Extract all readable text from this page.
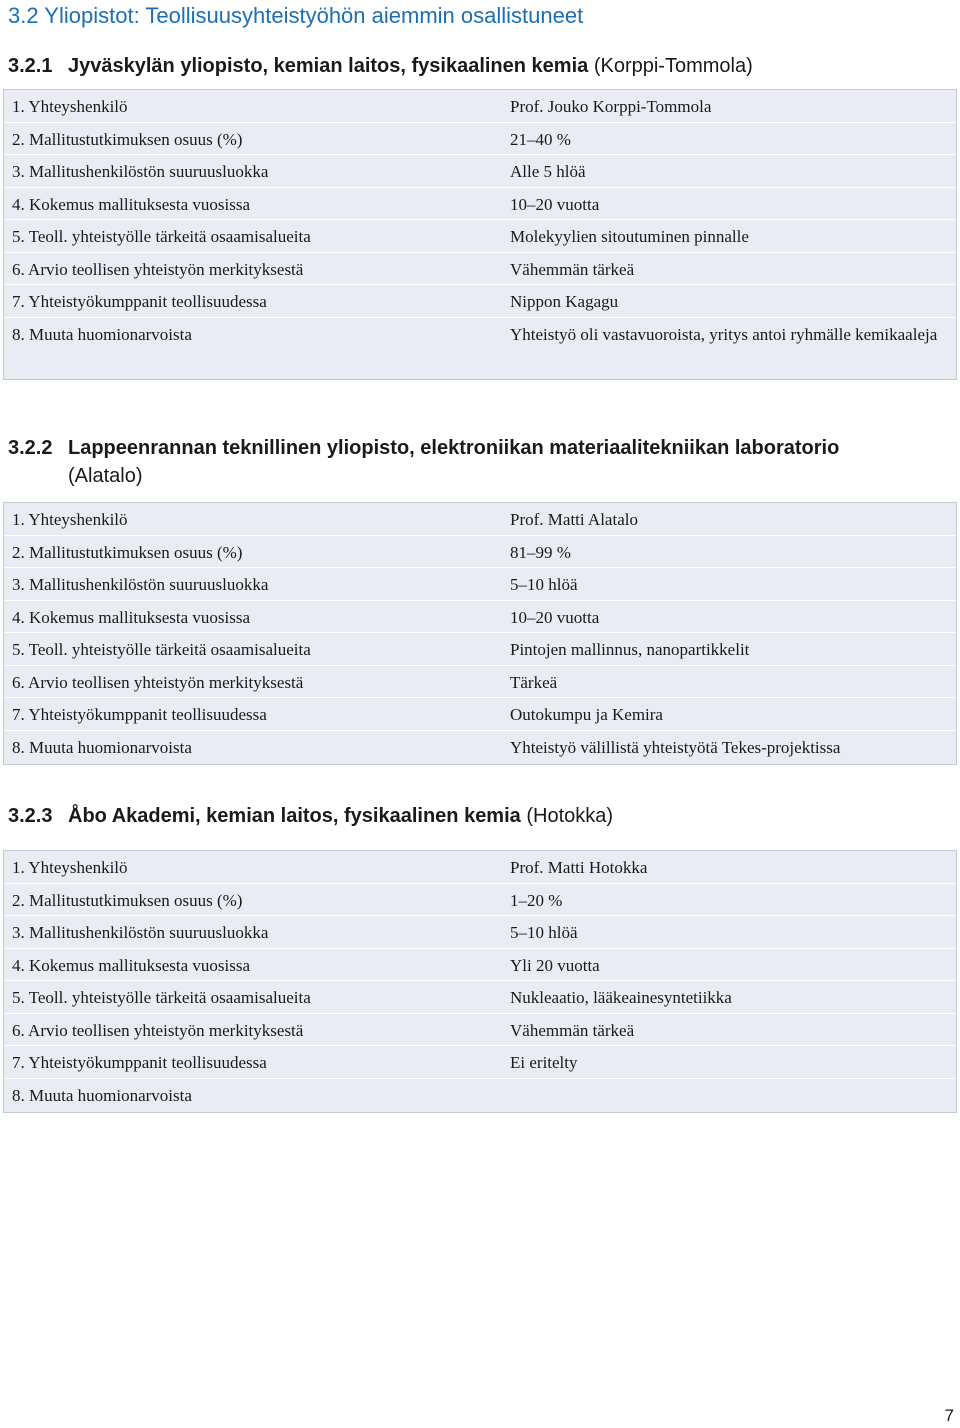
3.2 Yliopistot: Teollisuusyhteistyöhön aiemmin osallistuneet
3.2.1 Jyväskylän yliopisto, kemian laitos, fysikaalinen kemia (Korppi-Tommola)
1. Yhteyshenkilö	Prof. Jouko Korppi-Tommola
2. Mallitustutkimuksen osuus (%)	21–40 %
3. Mallitushenkilöstön suuruusluokka	Alle 5 hlöä
4. Kokemus mallituksesta vuosissa	10–20 vuotta
5. Teoll. yhteistyölle tärkeitä osaamisalueita	Molekyylien sitoutuminen pinnalle
6. Arvio teollisen yhteistyön merkityksestä	Vähemmän tärkeä
7. Yhteistyökumppanit teollisuudessa	Nippon Kagagu
8. Muuta huomionarvoista	Yhteistyö oli vastavuoroista, yritys antoi ryhmälle kemikaaleja
3.2.2 Lappeenrannan teknillinen yliopisto, elektroniikan materiaalitekniikan laboratorio
(Alatalo)
1. Yhteyshenkilö	Prof. Matti Alatalo
2. Mallitustutkimuksen osuus (%)	81–99 %
3. Mallitushenkilöstön suuruusluokka	5–10 hlöä
4. Kokemus mallituksesta vuosissa	10–20 vuotta
5. Teoll. yhteistyölle tärkeitä osaamisalueita	Pintojen mallinnus, nanopartikkelit
6. Arvio teollisen yhteistyön merkityksestä	Tärkeä
7. Yhteistyökumppanit teollisuudessa	Outokumpu ja Kemira
8. Muuta huomionarvoista	Yhteistyö välillistä yhteistyötä Tekes-projektissa
3.2.3 Åbo Akademi, kemian laitos, fysikaalinen kemia (Hotokka)
1. Yhteyshenkilö	Prof. Matti Hotokka
2. Mallitustutkimuksen osuus (%)	1–20 %
3. Mallitushenkilöstön suuruusluokka	5–10 hlöä
4. Kokemus mallituksesta vuosissa	Yli 20 vuotta
5. Teoll. yhteistyölle tärkeitä osaamisalueita	Nukleaatio, lääkeainesyntetiikka
6. Arvio teollisen yhteistyön merkityksestä	Vähemmän tärkeä
7. Yhteistyökumppanit teollisuudessa	Ei eritelty
8. Muuta huomionarvoista
7
